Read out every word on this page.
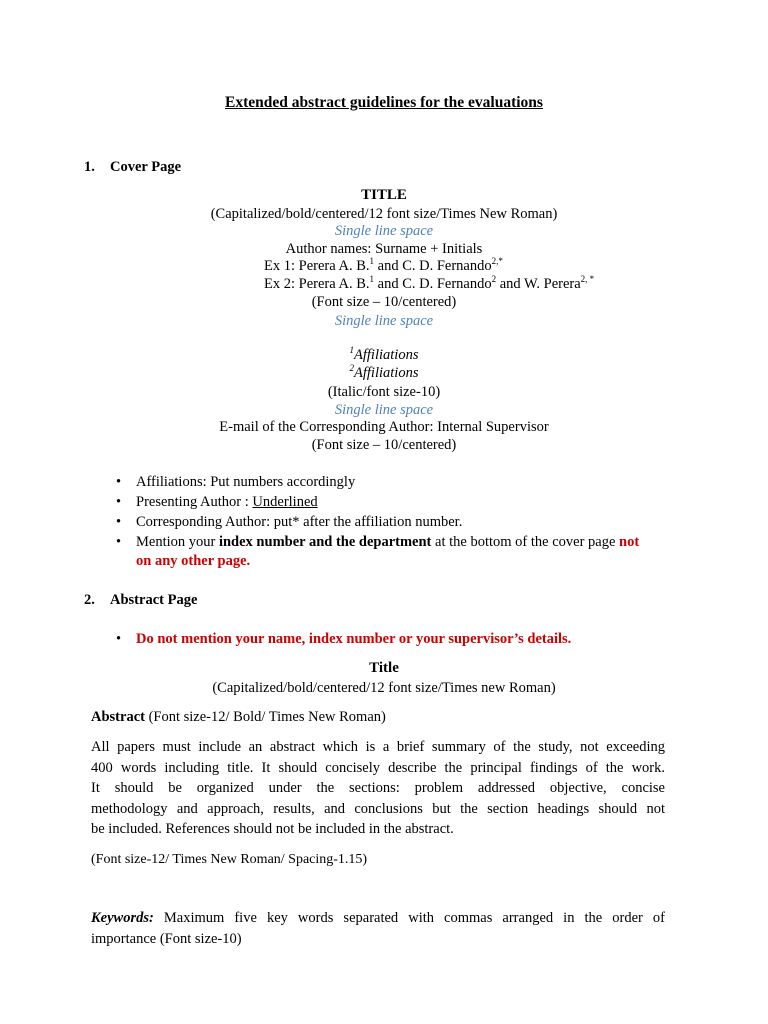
Extended abstract guidelines for the evaluations
1. Cover Page
TITLE
(Capitalized/bold/centered/12 font size/Times New Roman)
Single line space
Author names: Surname + Initials
Ex 1: Perera A. B.$^1$ and C. D. Fernando$^{2,*}$
Ex 2: Perera A. B.$^1$ and C. D. Fernando$^2$ and W. Perera$^{2, *}$
(Font size – 10/centered)
Single line space
$^1$Affiliations
$^2$Affiliations
(Italic/font size-10)
Single line space
E-mail of the Corresponding Author: Internal Supervisor
(Font size – 10/centered)
• Affiliations: Put numbers accordingly
• Presenting Author : Underlined
• Corresponding Author: put* after the affiliation number.
• Mention your index number and the department at the bottom of the cover page not
on any other page.
2. Abstract Page
• Do not mention your name, index number or your supervisor’s details.
Title
(Capitalized/bold/centered/12 font size/Times new Roman)
Abstract (Font size-12/ Bold/ Times New Roman)
All papers must include an abstract which is a brief summary of the study, not exceeding
400 words including title. It should concisely describe the principal findings of the work.
It should be organized under the sections: problem addressed objective, concise
methodology and approach, results, and conclusions but the section headings should not
be included. References should not be included in the abstract.
(Font size-12/ Times New Roman/ Spacing-1.15)
Keywords: Maximum five key words separated with commas arranged in the order of
importance (Font size-10)
